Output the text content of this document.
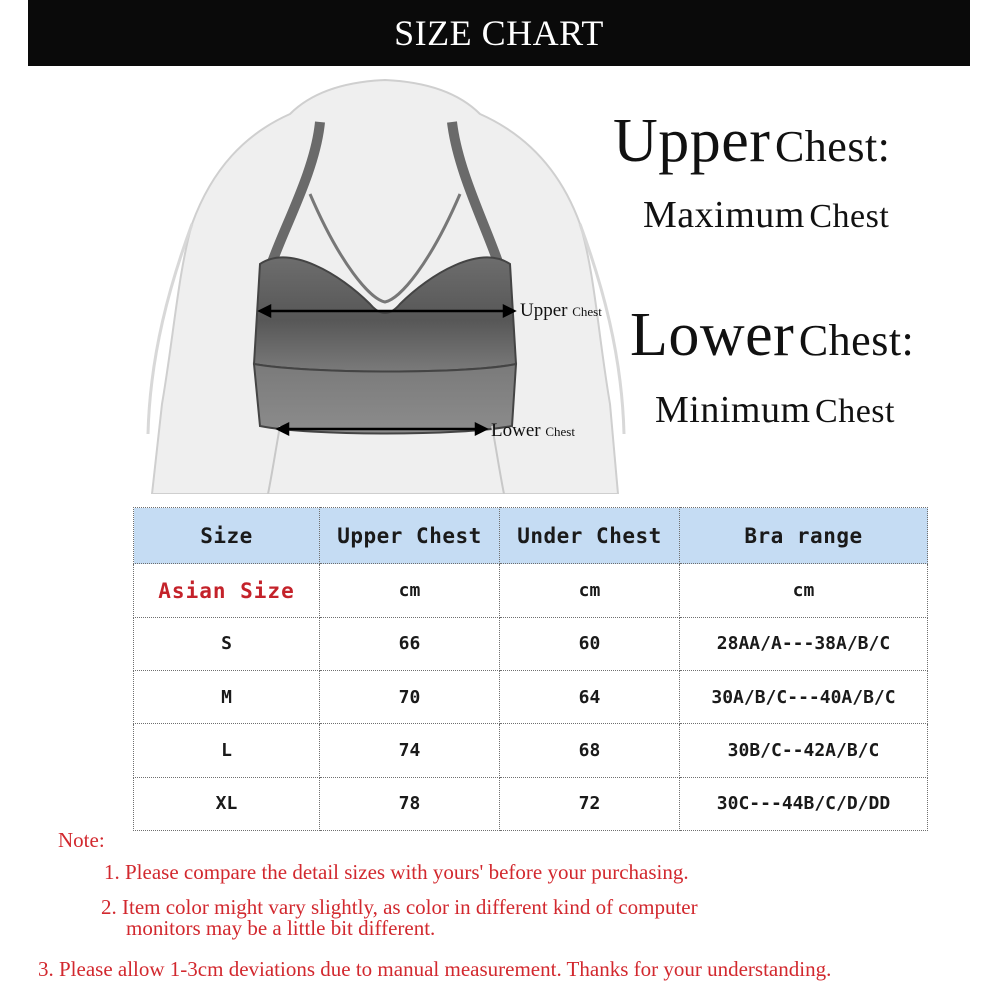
SIZE CHART
Upper Chest
Lower Chest
Upper Chest:
Maximum Chest
Lower Chest:
Minimum Chest
Size	Upper Chest	Under Chest	Bra range
Asian Size	cm	cm	cm
S	66	60	28AA/A---38A/B/C
M	70	64	30A/B/C---40A/B/C
L	74	68	30B/C--42A/B/C
XL	78	72	30C---44B/C/D/DD
Note:
1. Please compare the detail sizes with yours' before your purchasing.
2. Item color might vary slightly, as color in different kind of computer
monitors may be a little bit different.
3. Please allow 1-3cm deviations due to manual measurement. Thanks for your understanding.
